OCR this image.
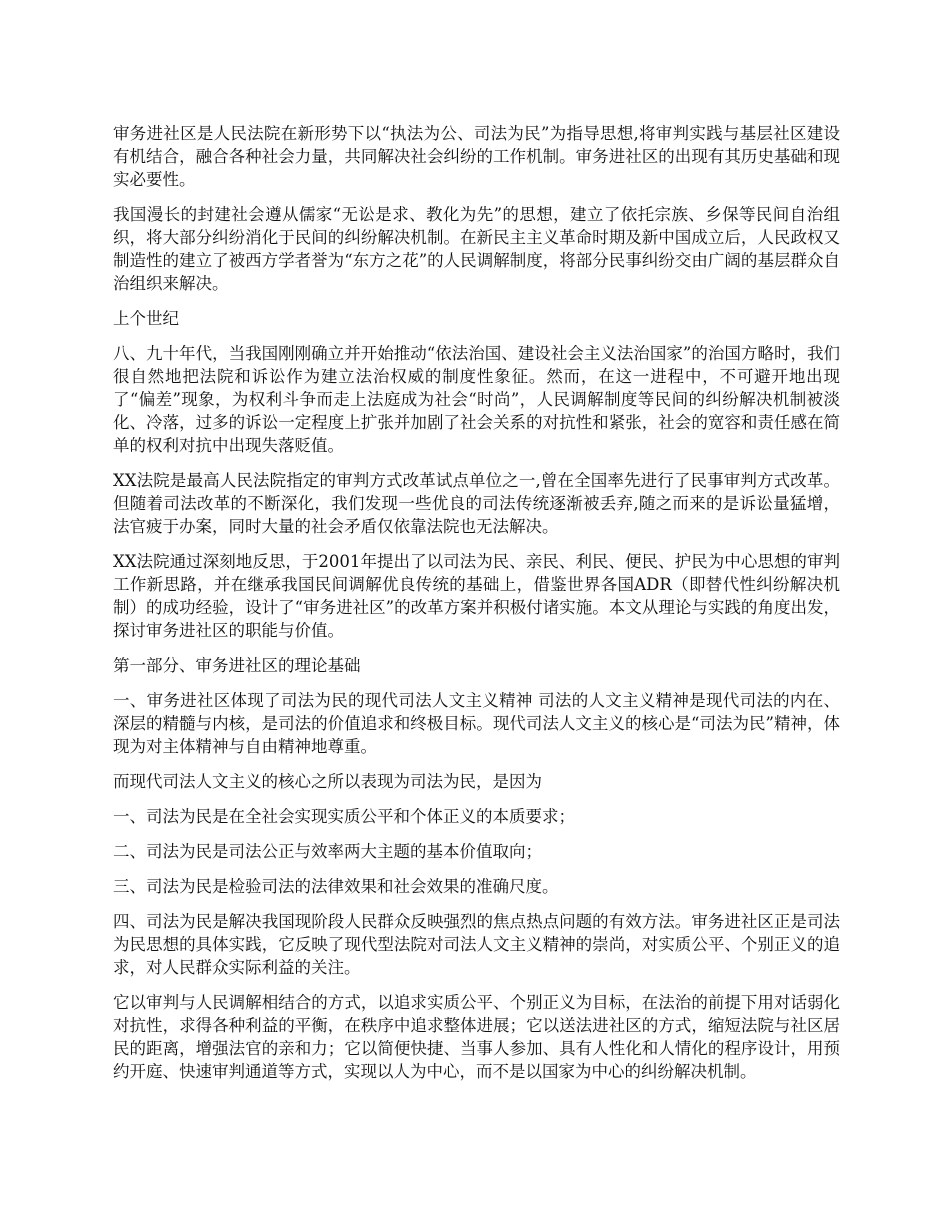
审务进社区是人民法院在新形势下以“执法为公、司法为民”为指导思想,将审判实践与基层社区建设有机结合，融合各种社会力量，共同解决社会纠纷的工作机制。审务进社区的出现有其历史基础和现实必要性。

我国漫长的封建社会遵从儒家“无讼是求、教化为先”的思想，建立了依托宗族、乡保等民间自治组织，将大部分纠纷消化于民间的纠纷解决机制。在新民主主义革命时期及新中国成立后，人民政权又制造性的建立了被西方学者誉为“东方之花”的人民调解制度，将部分民事纠纷交由广阔的基层群众自治组织来解决。

上个世纪

八、九十年代，当我国刚刚确立并开始推动“依法治国、建设社会主义法治国家”的治国方略时，我们很自然地把法院和诉讼作为建立法治权威的制度性象征。然而，在这一进程中，不可避开地出现了“偏差”现象，为权利斗争而走上法庭成为社会“时尚”，人民调解制度等民间的纠纷解决机制被淡化、冷落，过多的诉讼一定程度上扩张并加剧了社会关系的对抗性和紧张，社会的宽容和责任感在简单的权利对抗中出现失落贬值。

XX法院是最高人民法院指定的审判方式改革试点单位之一,曾在全国率先进行了民事审判方式改革。但随着司法改革的不断深化，我们发现一些优良的司法传统逐渐被丢弃,随之而来的是诉讼量猛增，法官疲于办案，同时大量的社会矛盾仅依靠法院也无法解决。

XX法院通过深刻地反思，于2001年提出了以司法为民、亲民、利民、便民、护民为中心思想的审判工作新思路，并在继承我国民间调解优良传统的基础上，借鉴世界各国ADR（即替代性纠纷解决机制）的成功经验，设计了“审务进社区”的改革方案并积极付诸实施。本文从理论与实践的角度出发，探讨审务进社区的职能与价值。

第一部分、审务进社区的理论基础

一、审务进社区体现了司法为民的现代司法人文主义精神 司法的人文主义精神是现代司法的内在、深层的精髓与内核，是司法的价值追求和终极目标。现代司法人文主义的核心是“司法为民”精神，体现为对主体精神与自由精神地尊重。

而现代司法人文主义的核心之所以表现为司法为民，是因为

一、司法为民是在全社会实现实质公平和个体正义的本质要求；

二、司法为民是司法公正与效率两大主题的基本价值取向；

三、司法为民是检验司法的法律效果和社会效果的准确尺度。

四、司法为民是解决我国现阶段人民群众反映强烈的焦点热点问题的有效方法。审务进社区正是司法为民思想的具体实践，它反映了现代型法院对司法人文主义精神的崇尚，对实质公平、个别正义的追求，对人民群众实际利益的关注。

它以审判与人民调解相结合的方式，以追求实质公平、个别正义为目标，在法治的前提下用对话弱化对抗性，求得各种利益的平衡，在秩序中追求整体进展；它以送法进社区的方式，缩短法院与社区居民的距离，增强法官的亲和力；它以简便快捷、当事人参加、具有人性化和人情化的程序设计，用预约开庭、快速审判通道等方式，实现以人为中心，而不是以国家为中心的纠纷解决机制。
